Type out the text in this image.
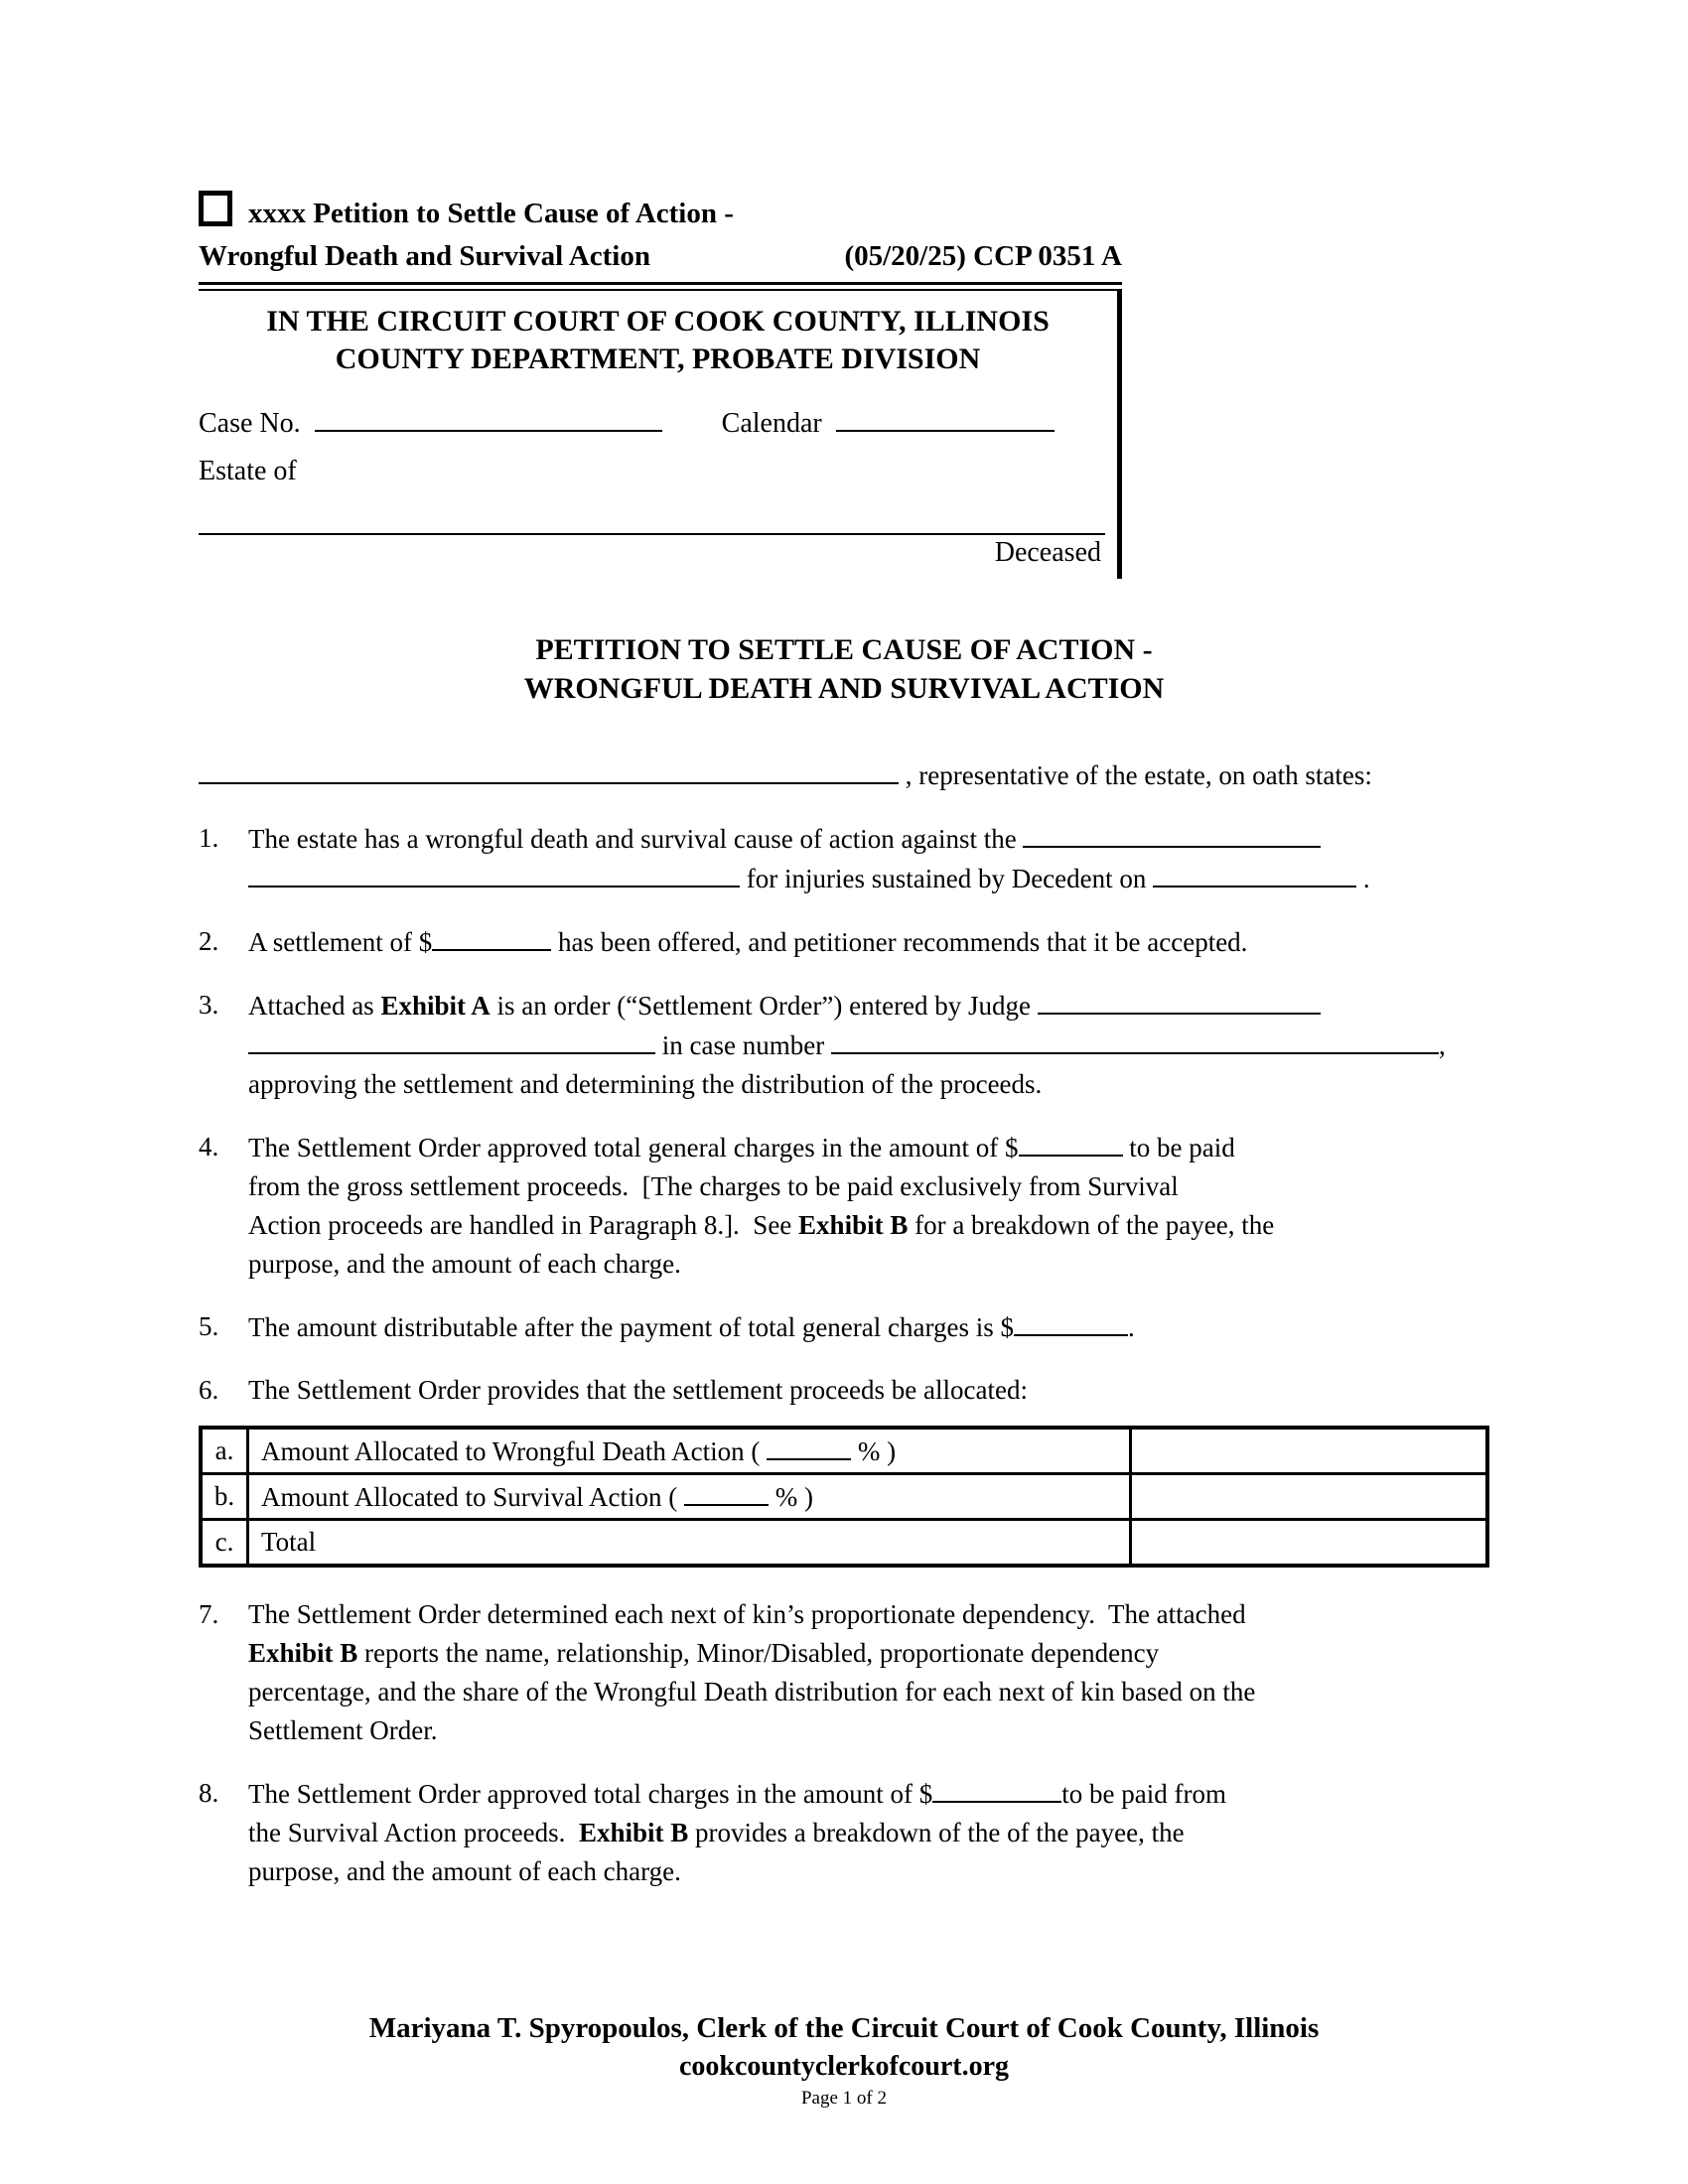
xxxx Petition to Settle Cause of Action -
Wrongful Death and Survival Action	(05/20/25) CCP 0351 A
IN THE CIRCUIT COURT OF COOK COUNTY, ILLINOIS
COUNTY DEPARTMENT, PROBATE DIVISION
Case No.	Calendar
Estate of
Deceased
PETITION TO SETTLE CAUSE OF ACTION -
WRONGFUL DEATH AND SURVIVAL ACTION
, representative of the estate, on oath states:
1.	The estate has a wrongful death and survival cause of action against the
for injuries sustained by Decedent on	.
2.	A settlement of $	has been offered, and petitioner recommends that it be accepted.
3.	Attached as Exhibit A is an order (“Settlement Order”) entered by Judge
in case number	,
approving the settlement and determining the distribution of the proceeds.
4.	The Settlement Order approved total general charges in the amount of $	to be paid
from the gross settlement proceeds.  [The charges to be paid exclusively from Survival
Action proceeds are handled in Paragraph 8.].  See Exhibit B for a breakdown of the payee, the
purpose, and the amount of each charge.
5.	The amount distributable after the payment of total general charges is $	.
6.	The Settlement Order provides that the settlement proceeds be allocated:
a.	Amount Allocated to Wrongful Death Action ( % )	

b.	Amount Allocated to Survival Action ( % )	

c.	Total	

7.	The Settlement Order determined each next of kin’s proportionate dependency.  The attached
Exhibit B reports the name, relationship, Minor/Disabled, proportionate dependency
percentage, and the share of the Wrongful Death distribution for each next of kin based on the
Settlement Order.
8.	The Settlement Order approved total charges in the amount of $	to be paid from
the Survival Action proceeds.  Exhibit B provides a breakdown of the of the payee, the
purpose, and the amount of each charge.
Mariyana T. Spyropoulos, Clerk of the Circuit Court of Cook County, Illinois
cookcountyclerkofcourt.org
Page 1 of 2
